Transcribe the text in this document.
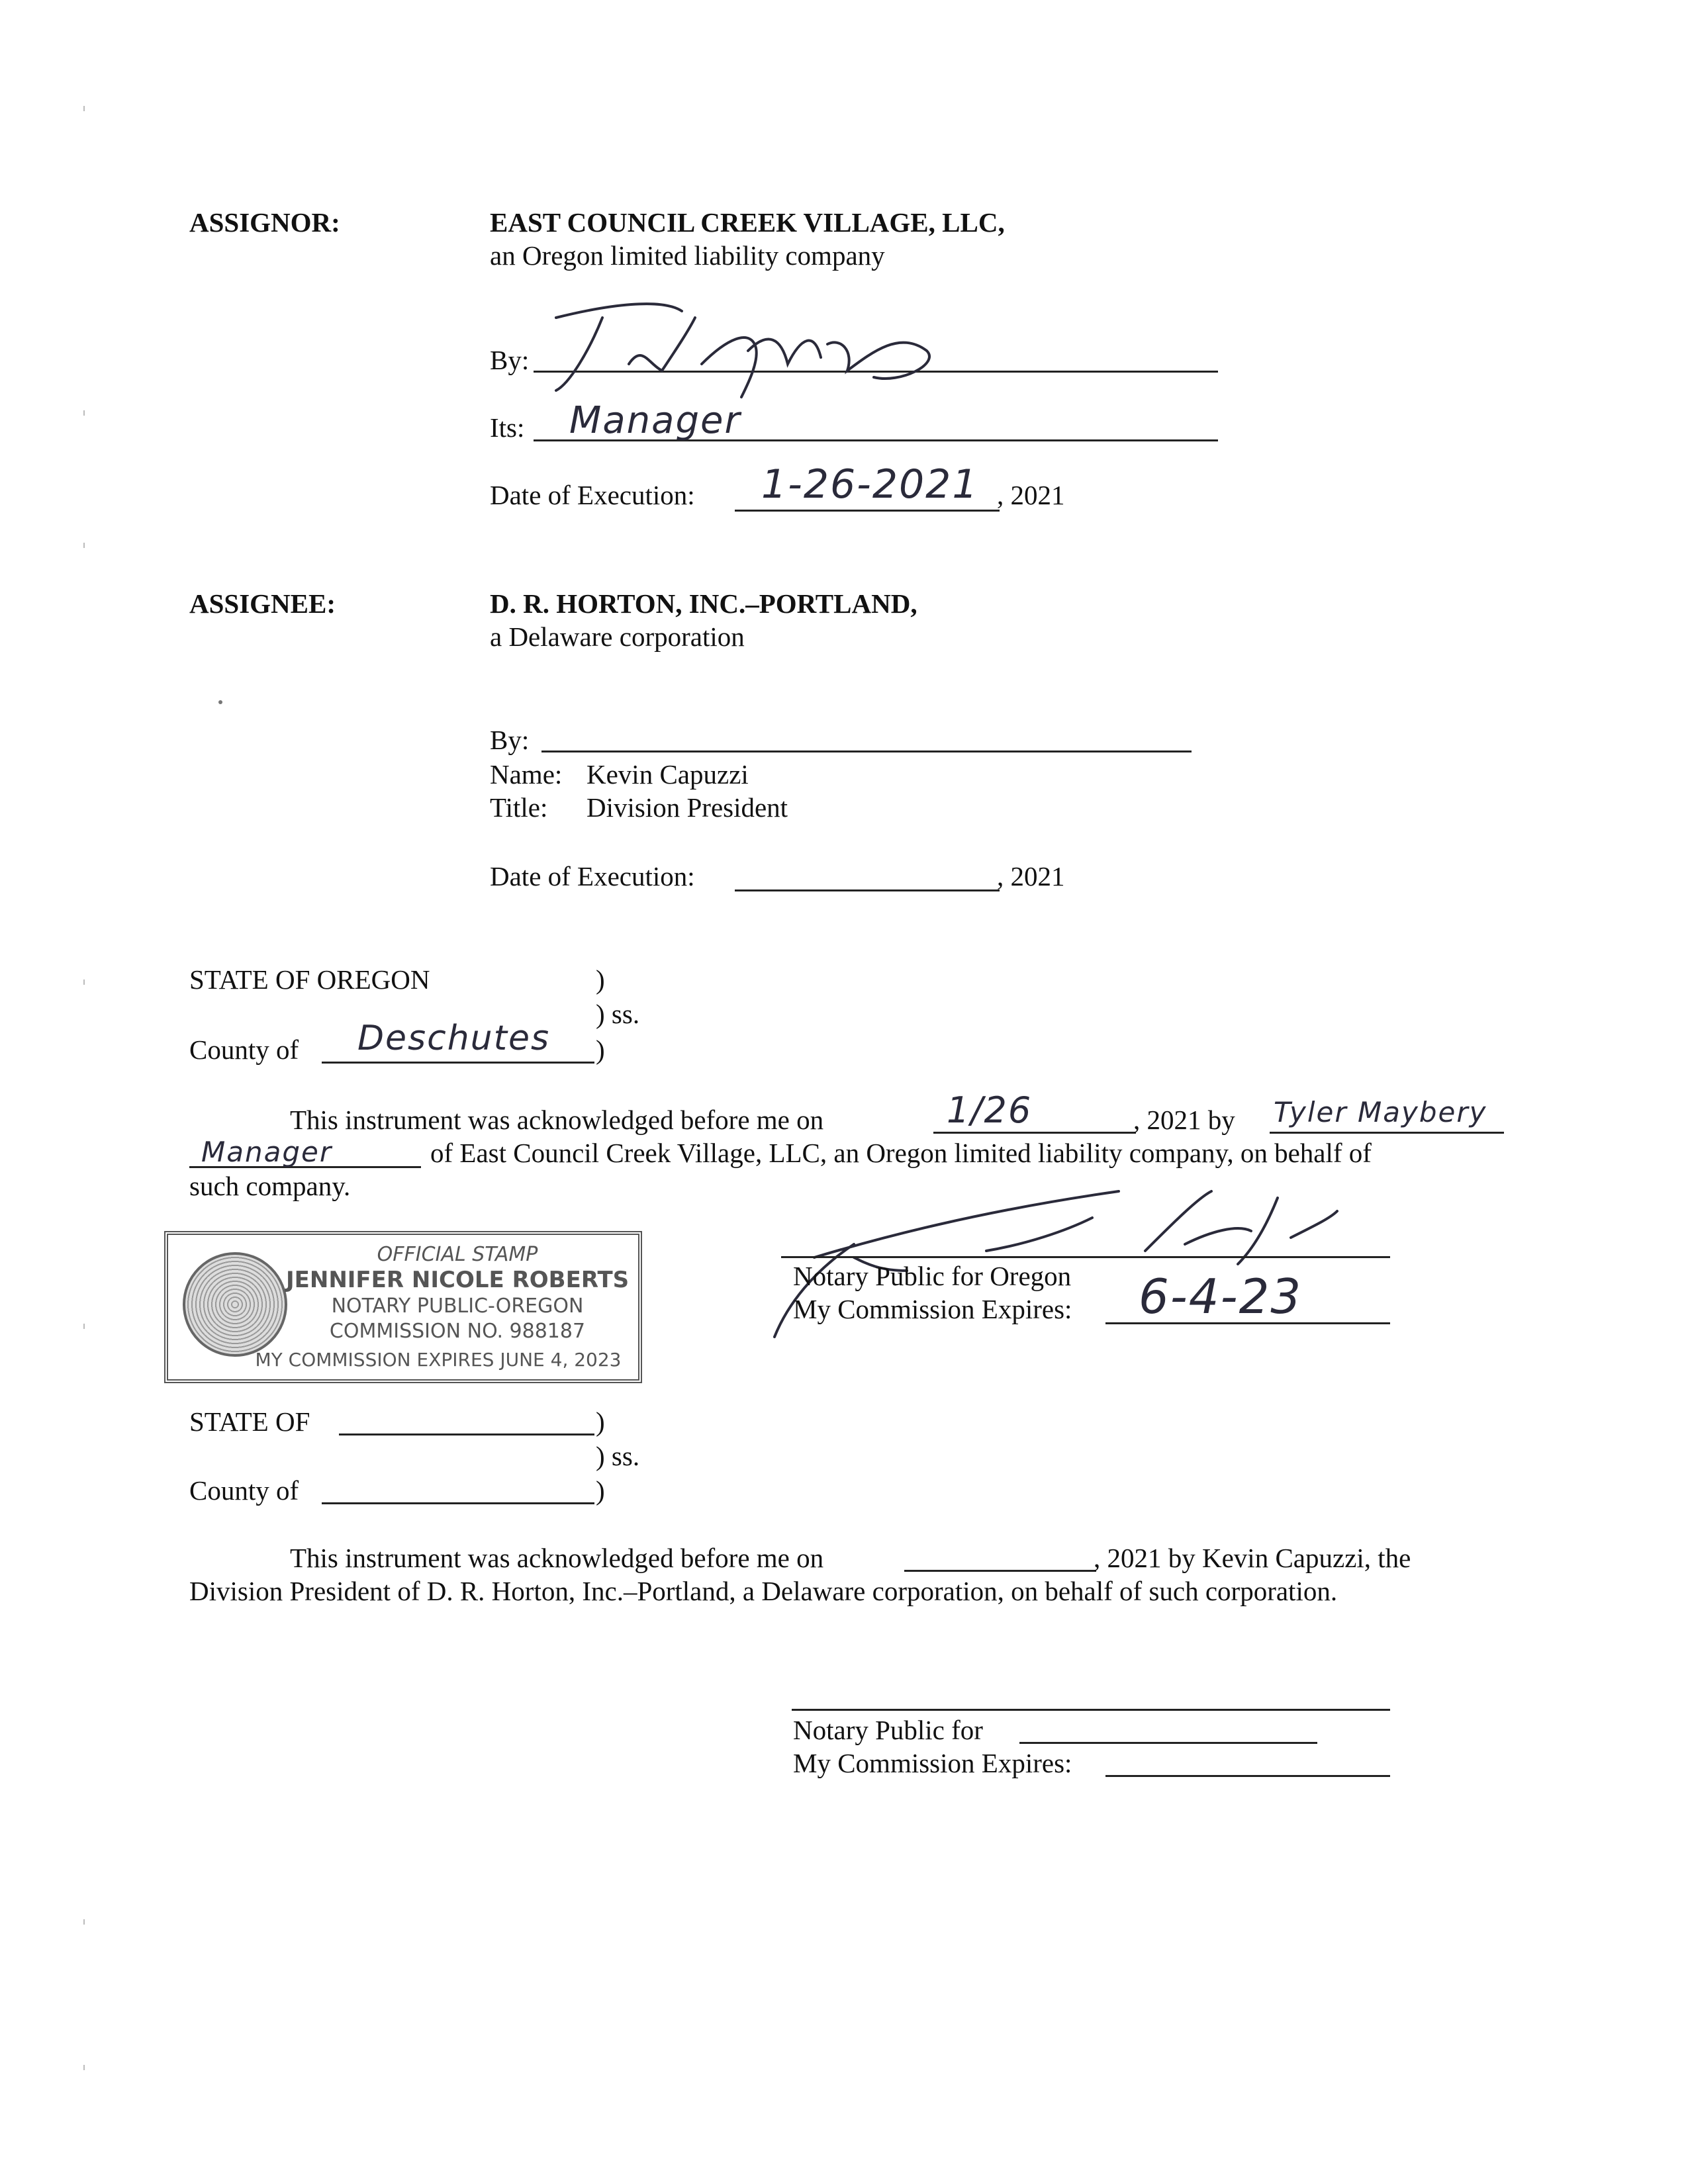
ASSIGNOR:	EAST COUNCIL CREEK VILLAGE, LLC,
an Oregon limited liability company
By:
Its: Manager
Date of Execution: 1-26-2021 , 2021
ASSIGNEE:	D. R. HORTON, INC.–PORTLAND,
a Delaware corporation
By:
Name: Kevin Capuzzi
Title: Division President
Date of Execution:	, 2021
STATE OF OREGON	)
) ss.
County of Deschutes )
This instrument was acknowledged before me on	1/26	, 2021 by Tyler Maybery
Manager	of East Council Creek Village, LLC, an Oregon limited liability company, on behalf of
such company.
OFFICIAL STAMP
JENNIFER NICOLE ROBERTS
NOTARY PUBLIC-OREGON
COMMISSION NO. 988187
MY COMMISSION EXPIRES JUNE 4, 2023
Notary Public for Oregon
My Commission Expires: 6-4-23
STATE OF	)
) ss.
County of	)
This instrument was acknowledged before me on	, 2021 by Kevin Capuzzi, the
Division President of D. R. Horton, Inc.–Portland, a Delaware corporation, on behalf of such corporation.
Notary Public for
My Commission Expires:
